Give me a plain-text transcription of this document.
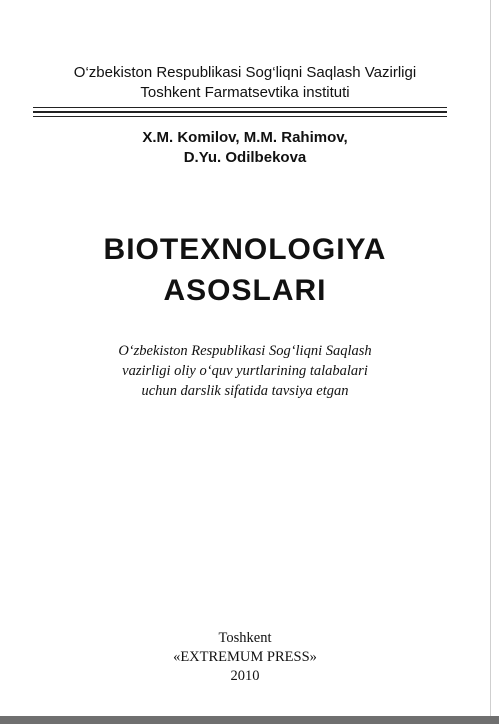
O‘zbekiston Respublikasi Sog‘liqni Saqlash Vazirligi
Toshkent Farmatsevtika instituti
X.M. Komilov, M.M. Rahimov,
D.Yu. Odilbekova
BIOTEXNOLOGIYA
ASOSLARI
O‘zbekiston Respublikasi Sog‘liqni Saqlash
vazirligi oliy o‘quv yurtlarining talabalari
uchun darslik sifatida tavsiya etgan
Toshkent
«EXTREMUM PRESS»
2010
